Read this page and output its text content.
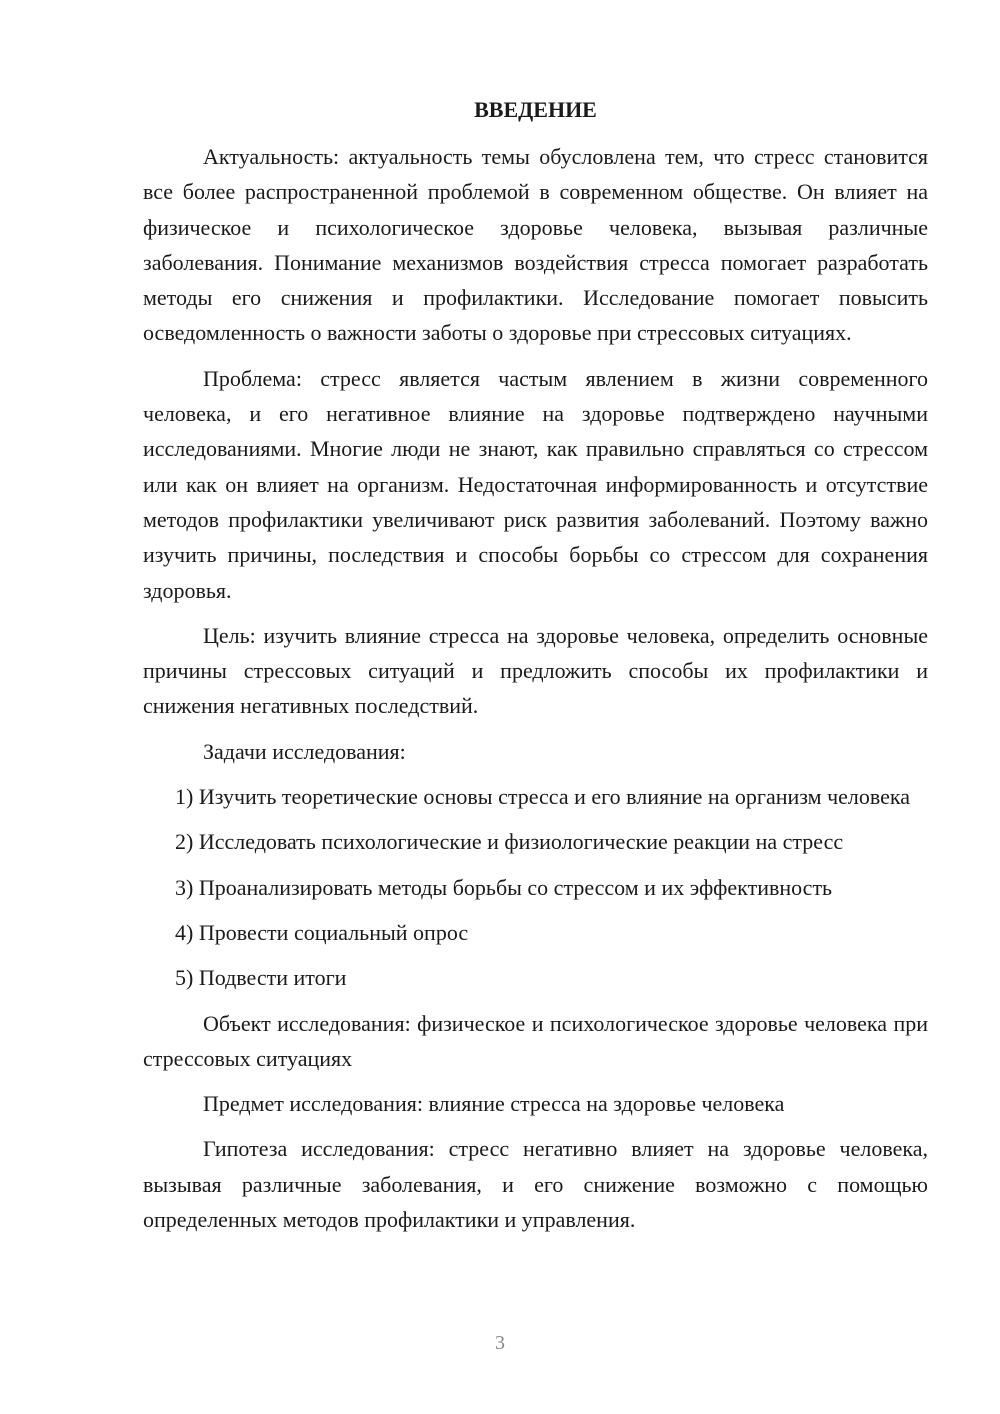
ВВЕДЕНИЕ

Актуальность: актуальность темы обусловлена тем, что стресс становится все более распространенной проблемой в современном обществе. Он влияет на физическое и психологическое здоровье человека, вызывая различные заболевания. Понимание механизмов воздействия стресса помогает разработать методы его снижения и профилактики. Исследование помогает повысить осведомленность о важности заботы о здоровье при стрессовых ситуациях.

Проблема: стресс является частым явлением в жизни современного человека, и его негативное влияние на здоровье подтверждено научными исследованиями. Многие люди не знают, как правильно справляться со стрессом или как он влияет на организм. Недостаточная информированность и отсутствие методов профилактики увеличивают риск развития заболеваний. Поэтому важно изучить причины, последствия и способы борьбы со стрессом для сохранения здоровья.

Цель: изучить влияние стресса на здоровье человека, определить основные причины стрессовых ситуаций и предложить способы их профилактики и снижения негативных последствий.

Задачи исследования:

1) Изучить теоретические основы стресса и его влияние на организм человека

2) Исследовать психологические и физиологические реакции на стресс

3) Проанализировать методы борьбы со стрессом и их эффективность

4) Провести социальный опрос

5) Подвести итоги

Объект исследования: физическое и психологическое здоровье человека при стрессовых ситуациях

Предмет исследования: влияние стресса на здоровье человека

Гипотеза исследования: стресс негативно влияет на здоровье человека, вызывая различные заболевания, и его снижение возможно с помощью определенных методов профилактики и управления.

3
